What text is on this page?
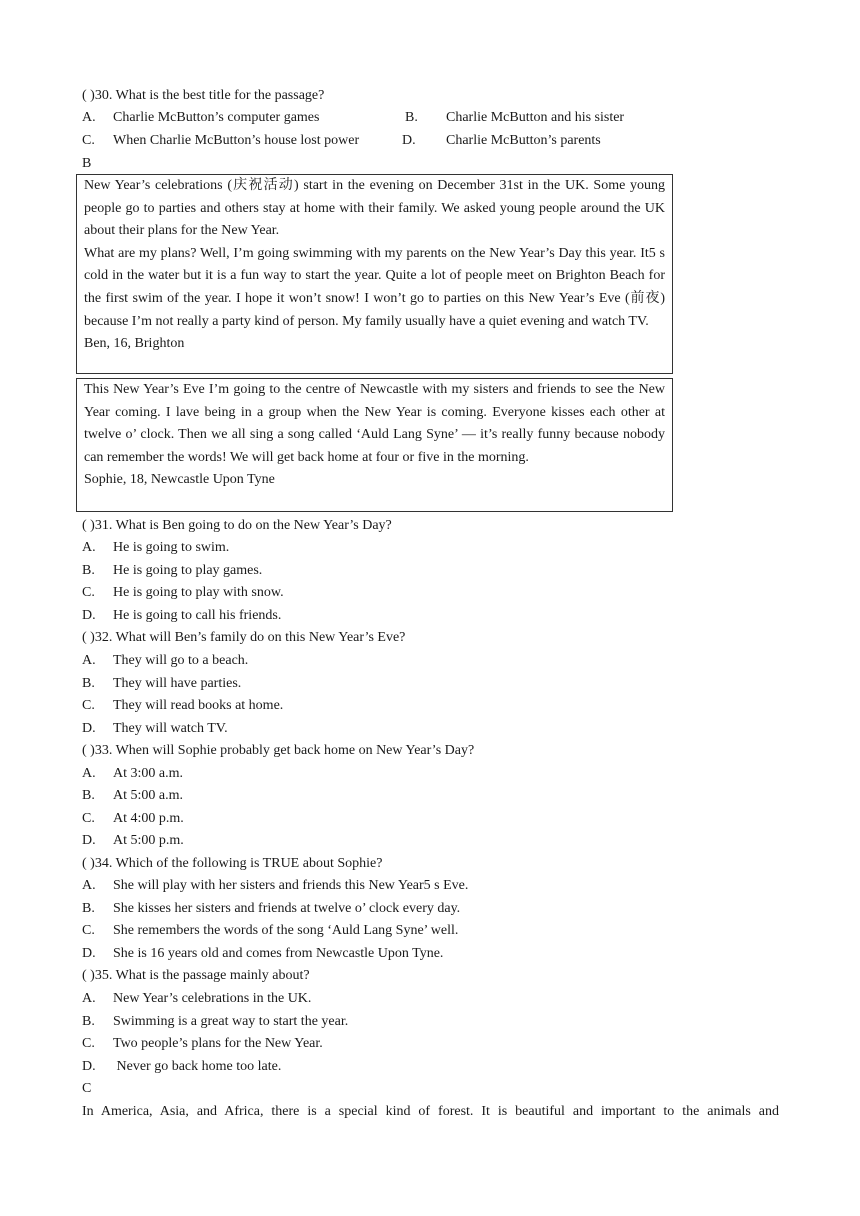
( )30. What is the best title for the passage?
A. Charlie McButton’s computer games	B. Charlie McButton and his sister
C. When Charlie McButton’s house lost power	D. Charlie McButton’s parents
B

New Year’s celebrations (庆祝活动) start in the evening on December 31st in the UK. Some young people go to parties and others stay at home with their family. We asked young people around the UK about their plans for the New Year.

What are my plans? Well, I’m going swimming with my parents on the New Year’s Day this year. It5 s cold in the water but it is a fun way to start the year. Quite a lot of people meet on Brighton Beach for the first swim of the year. I hope it won’t snow! I won’t go to parties on this New Year’s Eve (前夜) because I’m not really a party kind of person. My family usually have a quiet evening and watch TV.

Ben, 16, Brighton

This New Year’s Eve I’m going to the centre of Newcastle with my sisters and friends to see the New Year coming. I lave being in a group when the New Year is coming. Everyone kisses each other at twelve o’ clock. Then we all sing a song called ‘Auld Lang Syne’ — it’s really funny because nobody can remember the words! We will get back home at four or five in the morning.

Sophie, 18, Newcastle Upon Tyne

( )31. What is Ben going to do on the New Year’s Day?
A. He is going to swim.
B. He is going to play games.
C. He is going to play with snow.
D. He is going to call his friends.
( )32. What will Ben’s family do on this New Year’s Eve?
A. They will go to a beach.
B. They will have parties.
C. They will read books at home.
D. They will watch TV.
( )33. When will Sophie probably get back home on New Year’s Day?
A. At 3:00 a.m.
B. At 5:00 a.m.
C. At 4:00 p.m.
D. At 5:00 p.m.
( )34. Which of the following is TRUE about Sophie?
A. She will play with her sisters and friends this New Year5 s Eve.
B. She kisses her sisters and friends at twelve o’ clock every day.
C. She remembers the words of the song ‘Auld Lang Syne’ well.
D. She is 16 years old and comes from Newcastle Upon Tyne.
( )35. What is the passage mainly about?
A. New Year’s celebrations in the UK.
B. Swimming is a great way to start the year.
C. Two people’s plans for the New Year.
D. Never go back home too late.
C
In America, Asia, and Africa, there is a special kind of forest. It is beautiful and important to the animals and
